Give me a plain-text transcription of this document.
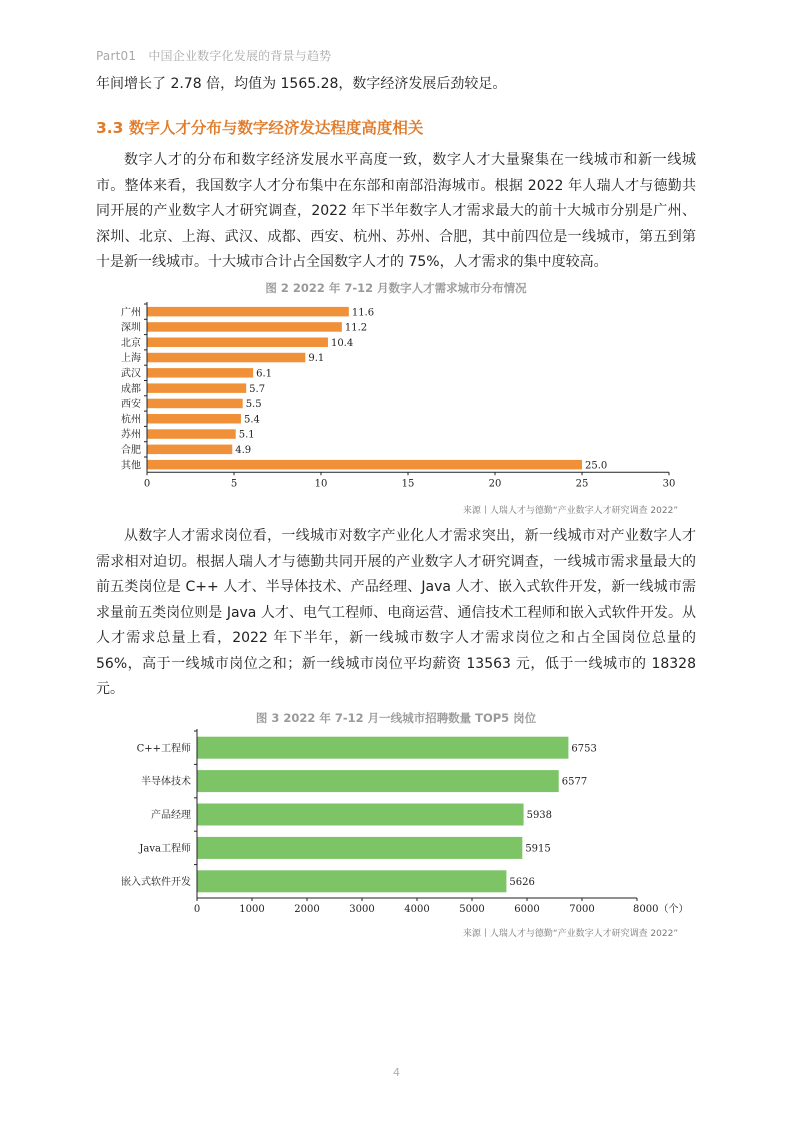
Part01　中国企业数字化发展的背景与趋势

年间增长了 2.78 倍，均值为 1565.28，数字经济发展后劲较足。

3.3 数字人才分布与数字经济发达程度高度相关

数字人才的分布和数字经济发展水平高度一致，数字人才大量聚集在一线城市和新一线城市。整体来看，我国数字人才分布集中在东部和南部沿海城市。根据 2022 年人瑞人才与德勤共同开展的产业数字人才研究调查，2022 年下半年数字人才需求最大的前十大城市分别是广州、深圳、北京、上海、武汉、成都、西安、杭州、苏州、合肥，其中前四位是一线城市，第五到第十是新一线城市。十大城市合计占全国数字人才的 75%，人才需求的集中度较高。

图 2 2022 年 7-12 月数字人才需求城市分布情况
广州	11.6
深圳	11.2
北京	10.4
上海	9.1
武汉	6.1
成都	5.7
西安	5.5
杭州	5.4
苏州	5.1
合肥	4.9
其他	25.0
0	5	10	15	20	25	30
来源丨人瑞人才与德勤“产业数字人才研究调查 2022”

从数字人才需求岗位看，一线城市对数字产业化人才需求突出，新一线城市对产业数字人才需求相对迫切。根据人瑞人才与德勤共同开展的产业数字人才研究调查，一线城市需求量最大的前五类岗位是 C++ 人才、半导体技术、产品经理、Java 人才、嵌入式软件开发，新一线城市需求量前五类岗位则是 Java 人才、电气工程师、电商运营、通信技术工程师和嵌入式软件开发。从人才需求总量上看，2022 年下半年，新一线城市数字人才需求岗位之和占全国岗位总量的 56%，高于一线城市岗位之和；新一线城市岗位平均薪资 13563 元，低于一线城市的 18328 元。

图 3 2022 年 7-12 月一线城市招聘数量 TOP5 岗位
C++工程师	6753
半导体技术	6577
产品经理	5938
Java工程师	5915
嵌入式软件开发	5626
0	1000	2000	3000	4000	5000	6000	7000	8000（个）
来源丨人瑞人才与德勤“产业数字人才研究调查 2022”
4
